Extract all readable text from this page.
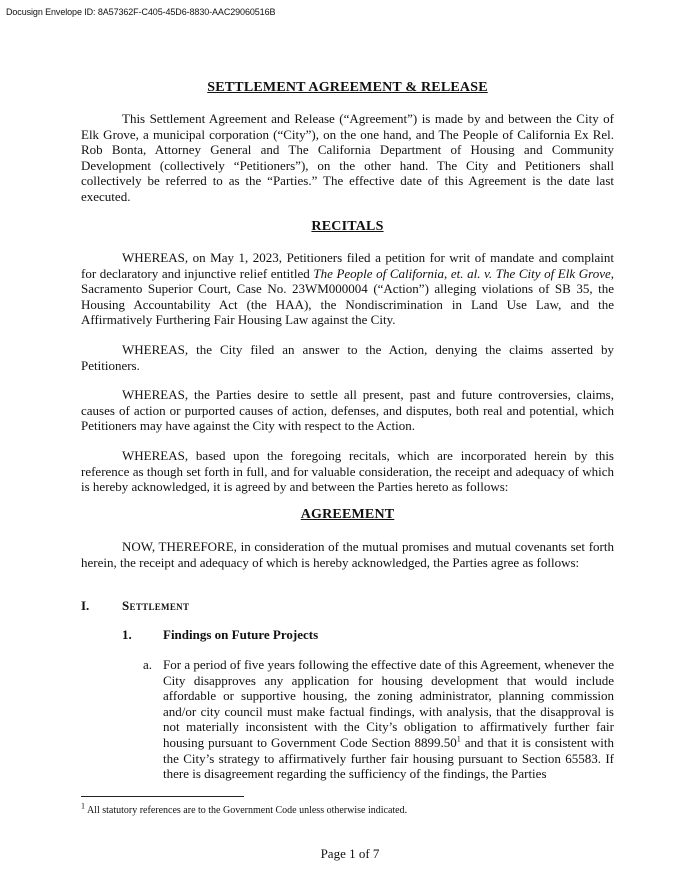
Docusign Envelope ID: 8A57362F-C405-45D6-8830-AAC29060516B
SETTLEMENT AGREEMENT & RELEASE
This Settlement Agreement and Release (“Agreement”) is made by and between the City of Elk Grove, a municipal corporation (“City”), on the one hand, and The People of California Ex Rel. Rob Bonta, Attorney General and The California Department of Housing and Community Development (collectively “Petitioners”), on the other hand. The City and Petitioners shall collectively be referred to as the “Parties.” The effective date of this Agreement is the date last executed.
RECITALS
WHEREAS, on May 1, 2023, Petitioners filed a petition for writ of mandate and complaint for declaratory and injunctive relief entitled The People of California, et. al. v. The City of Elk Grove, Sacramento Superior Court, Case No. 23WM000004 (“Action”) alleging violations of SB 35, the Housing Accountability Act (the HAA), the Nondiscrimination in Land Use Law, and the Affirmatively Furthering Fair Housing Law against the City.
WHEREAS, the City filed an answer to the Action, denying the claims asserted by Petitioners.
WHEREAS, the Parties desire to settle all present, past and future controversies, claims, causes of action or purported causes of action, defenses, and disputes, both real and potential, which Petitioners may have against the City with respect to the Action.
WHEREAS, based upon the foregoing recitals, which are incorporated herein by this reference as though set forth in full, and for valuable consideration, the receipt and adequacy of which is hereby acknowledged, it is agreed by and between the Parties hereto as follows:
AGREEMENT
NOW, THEREFORE, in consideration of the mutual promises and mutual covenants set forth herein, the receipt and adequacy of which is hereby acknowledged, the Parties agree as follows:
I.	Settlement
1. Findings on Future Projects
a. For a period of five years following the effective date of this Agreement, whenever the City disapproves any application for housing development that would include affordable or supportive housing, the zoning administrator, planning commission and/or city council must make factual findings, with analysis, that the disapproval is not materially inconsistent with the City’s obligation to affirmatively further fair housing pursuant to Government Code Section 8899.50$^1$ and that it is consistent with the City’s strategy to affirmatively further fair housing pursuant to Section 65583. If there is disagreement regarding the sufficiency of the findings, the Parties
$^1$ All statutory references are to the Government Code unless otherwise indicated.
Page 1 of 7
